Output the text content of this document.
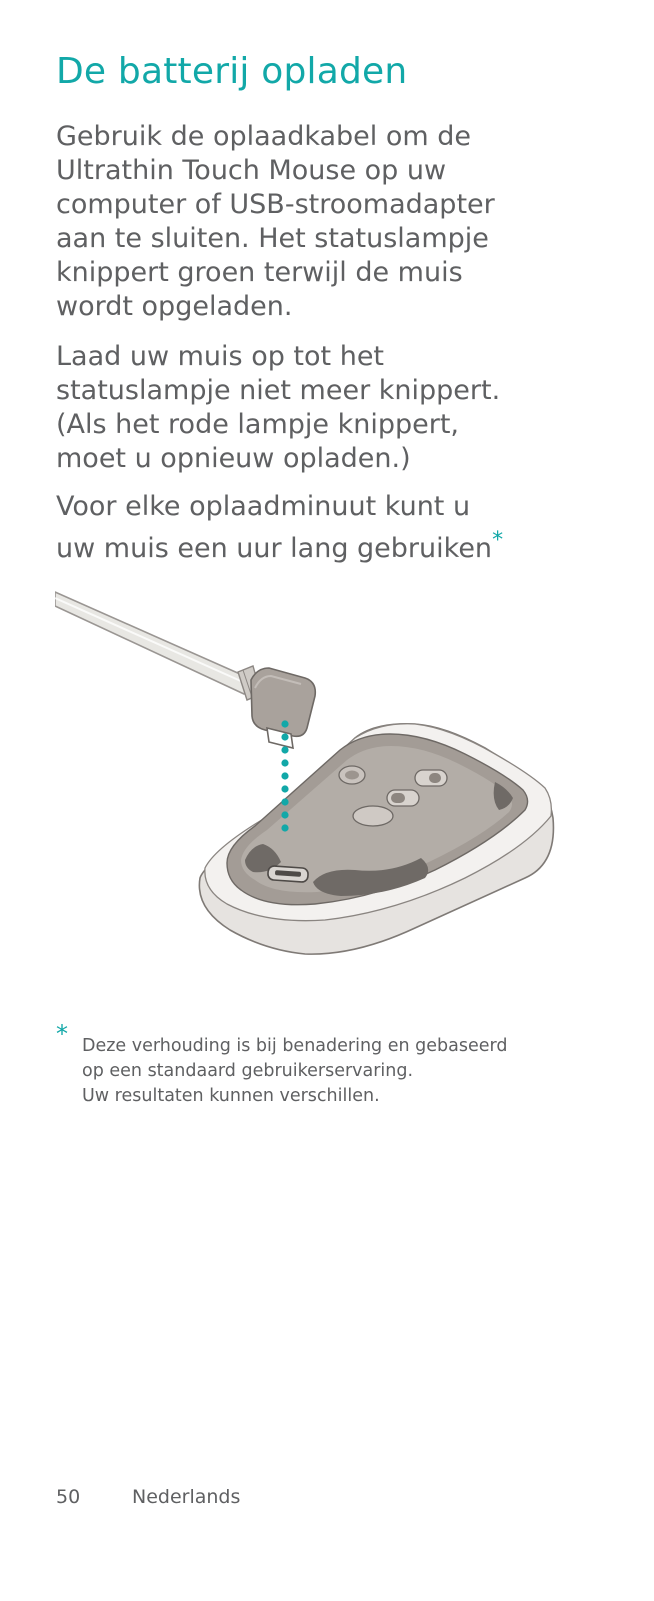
De batterij opladen

Gebruik de oplaadkabel om de
Ultrathin Touch Mouse op uw
computer of USB-stroomadapter
aan te sluiten. Het statuslampje
knippert groen terwijl de muis
wordt opgeladen.

Laad uw muis op tot het
statuslampje niet meer knippert.
(Als het rode lampje knippert,
moet u opnieuw opladen.)

Voor elke oplaadminuut kunt u
uw muis een uur lang gebruiken*

* Deze verhouding is bij benadering en gebaseerd
op een standaard gebruikerservaring.
Uw resultaten kunnen verschillen.
50	Nederlands
